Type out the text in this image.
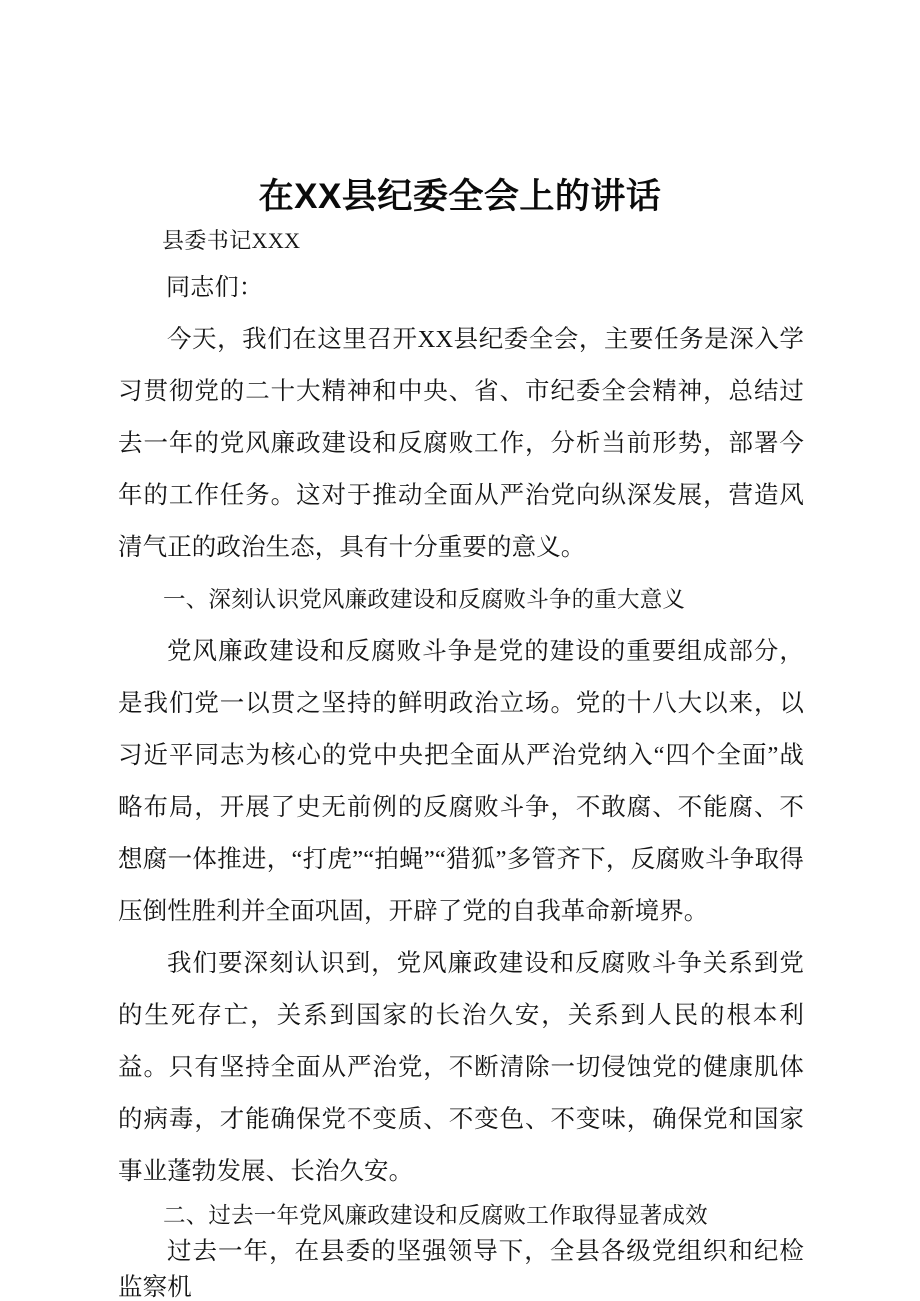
在XX县纪委全会上的讲话
县委书记XXX
同志们：

今天，我们在这里召开XX县纪委全会，主要任务是深入学习贯彻党的二十大精神和中央、省、市纪委全会精神，总结过去一年的党风廉政建设和反腐败工作，分析当前形势，部署今年的工作任务。这对于推动全面从严治党向纵深发展，营造风清气正的政治生态，具有十分重要的意义。

一、深刻认识党风廉政建设和反腐败斗争的重大意义

党风廉政建设和反腐败斗争是党的建设的重要组成部分，是我们党一以贯之坚持的鲜明政治立场。党的十八大以来，以习近平同志为核心的党中央把全面从严治党纳入“四个全面”战略布局，开展了史无前例的反腐败斗争，不敢腐、不能腐、不想腐一体推进，“打虎”“拍蝇”“猎狐”多管齐下，反腐败斗争取得压倒性胜利并全面巩固，开辟了党的自我革命新境界。

我们要深刻认识到，党风廉政建设和反腐败斗争关系到党的生死存亡，关系到国家的长治久安，关系到人民的根本利益。只有坚持全面从严治党，不断清除一切侵蚀党的健康肌体的病毒，才能确保党不变质、不变色、不变味，确保党和国家事业蓬勃发展、长治久安。

二、过去一年党风廉政建设和反腐败工作取得显著成效

过去一年，在县委的坚强领导下，全县各级党组织和纪检监察机
